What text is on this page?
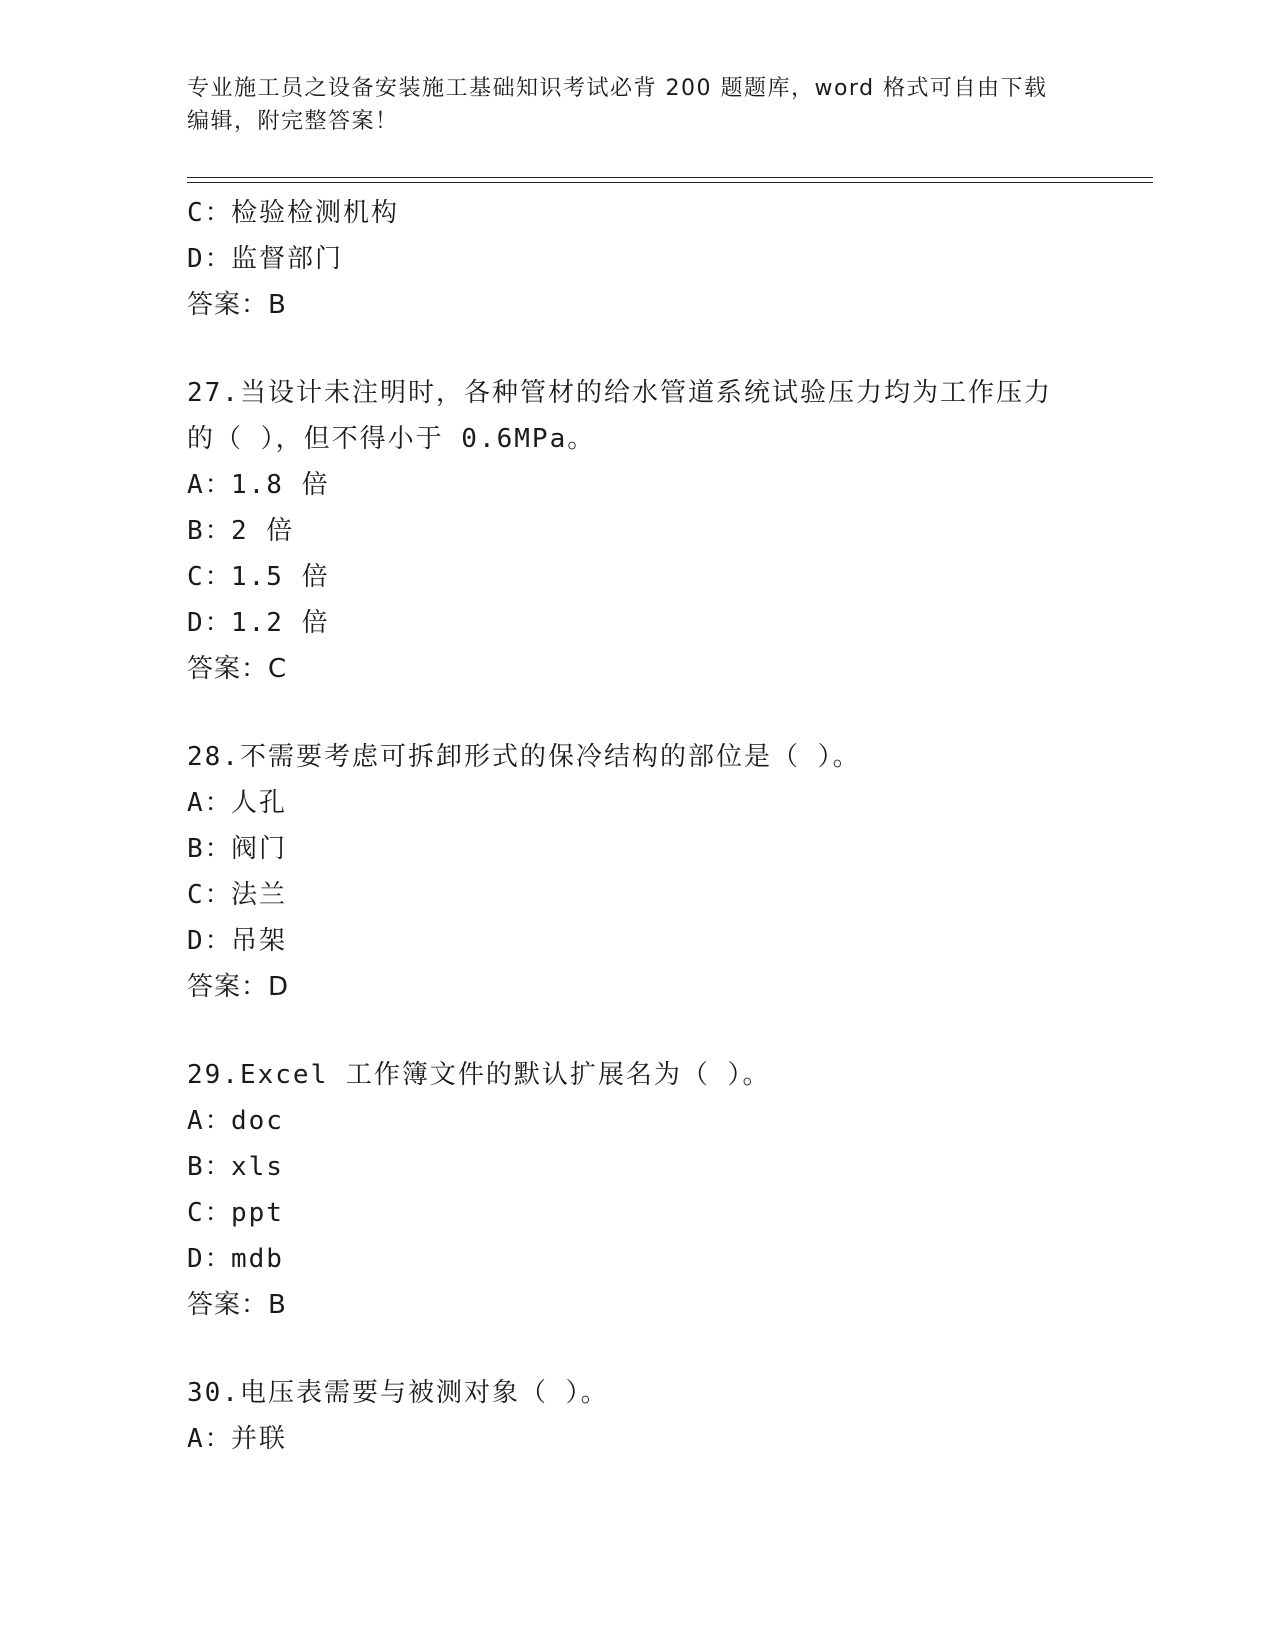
专业施工员之设备安装施工基础知识考试必背 200 题题库，word 格式可自由下载
编辑，附完整答案！
C：检验检测机构
D：监督部门
答案：B
27.当设计未注明时，各种管材的给水管道系统试验压力均为工作压力
的（ ），但不得小于 0.6MPa。
A：1.8 倍
B：2 倍
C：1.5 倍
D：1.2 倍
答案：C
28.不需要考虑可拆卸形式的保冷结构的部位是（ ）。
A：人孔
B：阀门
C：法兰
D：吊架
答案：D
29.Excel 工作簿文件的默认扩展名为（ ）。
A：doc
B：xls
C：ppt
D：mdb
答案：B
30.电压表需要与被测对象（ ）。
A：并联
